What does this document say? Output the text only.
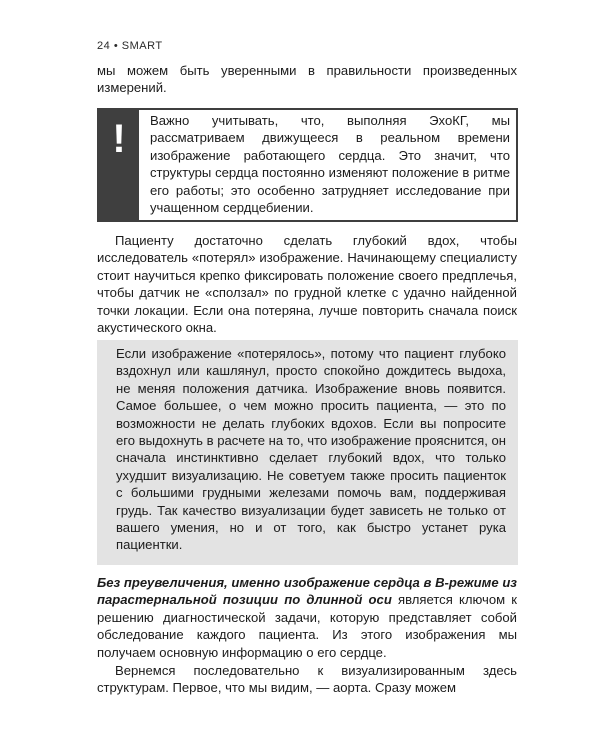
24 • SMART

мы можем быть уверенными в правильности произведенных измерений.

!	Важно учитывать, что, выполняя ЭхоКГ, мы рассматриваем движущееся в реальном времени изображение работающего сердца. Это значит, что структуры сердца постоянно изменяют положение в ритме его работы; это особенно затрудняет исследование при учащенном сердцебиении.

Пациенту достаточно сделать глубокий вдох, чтобы исследователь «потерял» изображение. Начинающему специалисту стоит научиться крепко фиксировать положение своего предплечья, чтобы датчик не «сползал» по грудной клетке с удачно найденной точки локации. Если она потеряна, лучше повторить сначала поиск акустического окна.

Если изображение «потерялось», потому что пациент глубоко вздохнул или кашлянул, просто спокойно дождитесь выдоха, не меняя положения датчика. Изображение вновь появится. Самое большее, о чем можно просить пациента, — это по возможности не делать глубоких вдохов. Если вы попросите его выдохнуть в расчете на то, что изображение прояснится, он сначала инстинктивно сделает глубокий вдох, что только ухудшит визуализацию. Не советуем также просить пациенток с большими грудными железами помочь вам, поддерживая грудь. Так качество визуализации будет зависеть не только от вашего умения, но и от того, как быстро устанет рука пациентки.

Без преувеличения, именно изображение сердца в В-режиме из парастернальной позиции по длинной оси является ключом к решению диагностической задачи, которую представляет собой обследование каждого пациента. Из этого изображения мы получаем основную информацию о его сердце.

Вернемся последовательно к визуализированным здесь структурам. Первое, что мы видим, — аорта. Сразу можем
